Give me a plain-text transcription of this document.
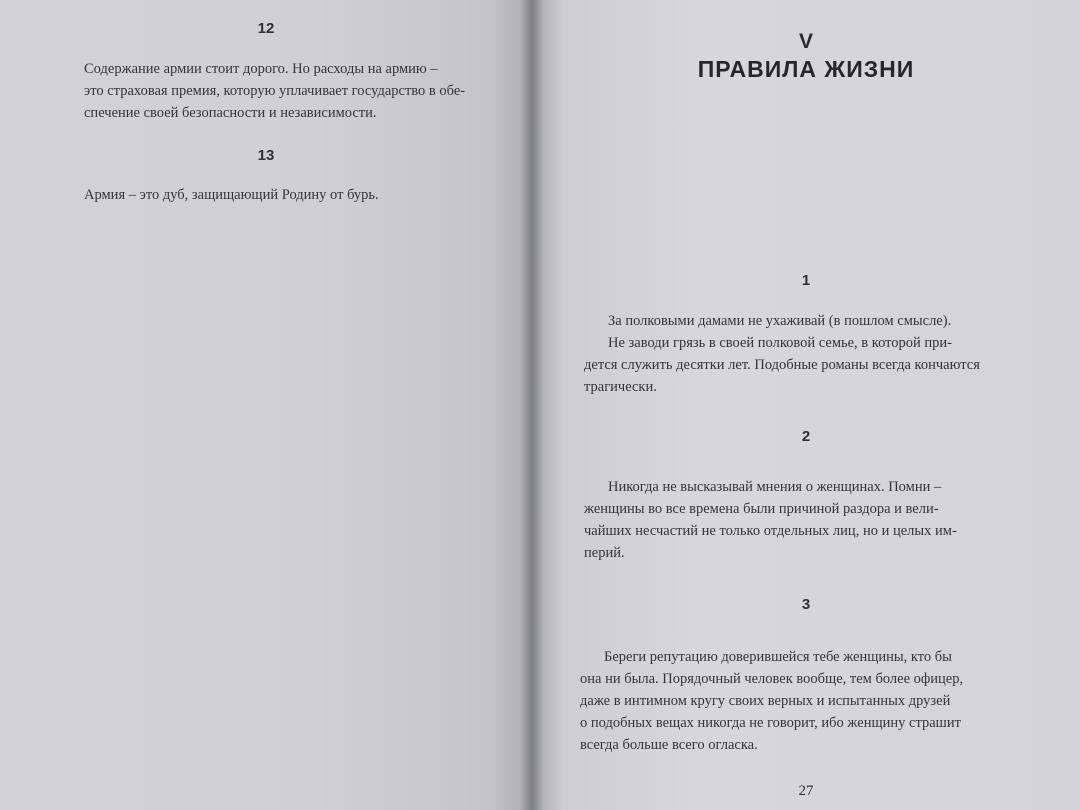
12

Содержание армии стоит дорого. Но расходы на армию –
это страховая премия, которую уплачивает государство в обе-
спечение своей безопасности и независимости.

13

Армия – это дуб, защищающий Родину от бурь.

V

ПРАВИЛА ЖИЗНИ

1

За полковыми дамами не ухаживай (в пошлом смысле).
Не заводи грязь в своей полковой семье, в которой при-
дется служить десятки лет. Подобные романы всегда кончаются
трагически.

2

Никогда не высказывай мнения о женщинах. Помни –
женщины во все времена были причиной раздора и вели-
чайших несчастий не только отдельных лиц, но и целых им-
перий.

3

Береги репутацию доверившейся тебе женщины, кто бы
она ни была. Порядочный человек вообще, тем более офицер,
даже в интимном кругу своих верных и испытанных друзей
о подобных вещах никогда не говорит, ибо женщину страшит
всегда больше всего огласка.

27
